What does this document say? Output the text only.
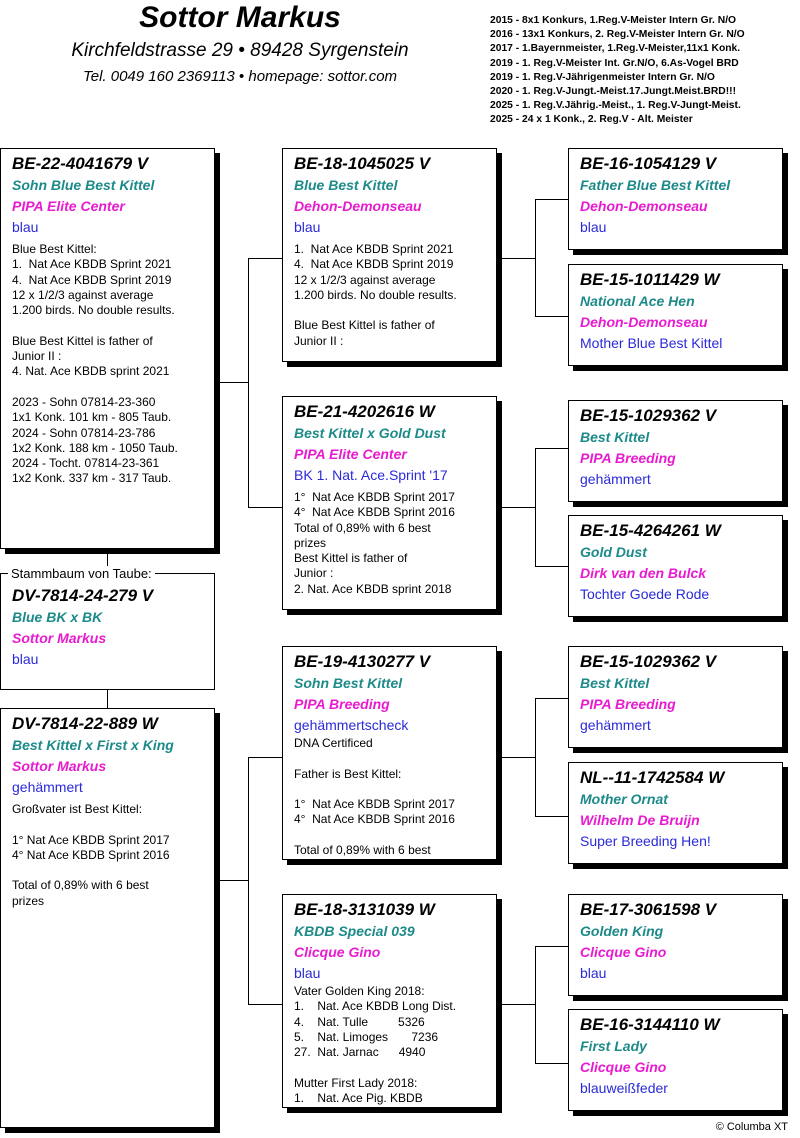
Sottor Markus
Kirchfeldstrasse 29 • 89428 Syrgenstein
Tel. 0049 160 2369113 • homepage: sottor.com
2015 - 8x1 Konkurs, 1.Reg.V-Meister Intern Gr. N/O
2016 - 13x1 Konkurs, 2. Reg.V-Meister Intern Gr. N/O
2017 - 1.Bayernmeister, 1.Reg.V-Meister,11x1 Konk.
2019 - 1. Reg.V-Meister Int. Gr.N/O, 6.As-Vogel BRD
2019 - 1. Reg.V-Jährigenmeister Intern Gr. N/O
2020 - 1. Reg.V-Jungt.-Meist.17.Jungt.Meist.BRD!!!
2025 - 1. Reg.V.Jährig.-Meist., 1. Reg.V-Jungt-Meist.
2025 - 24 x 1 Konk., 2. Reg.V - Alt. Meister
Stammbaum von Taube:
DV-7814-24-279 V
Blue BK x BK
Sottor Markus
blau
BE-22-4041679 V
Sohn Blue Best Kittel
PIPA Elite Center
blau
Blue Best Kittel:
1.  Nat Ace KBDB Sprint 2021
4.  Nat Ace KBDB Sprint 2019
12 x 1/2/3 against average
1.200 birds. No double results.

Blue Best Kittel is father of
Junior II :
4. Nat. Ace KBDB sprint 2021

2023 - Sohn 07814-23-360
1x1 Konk. 101 km - 805 Taub.
2024 - Sohn 07814-23-786
1x2 Konk. 188 km - 1050 Taub.
2024 - Tocht. 07814-23-361
1x2 Konk. 337 km - 317 Taub.
DV-7814-22-889 W
Best Kittel x First x King
Sottor Markus
gehämmert
Großvater ist Best Kittel:

1° Nat Ace KBDB Sprint 2017
4° Nat Ace KBDB Sprint 2016

Total of 0,89% with 6 best
prizes
BE-18-1045025 V
Blue Best Kittel
Dehon-Demonseau
blau
1.  Nat Ace KBDB Sprint 2021
4.  Nat Ace KBDB Sprint 2019
12 x 1/2/3 against average
1.200 birds. No double results.

Blue Best Kittel is father of
Junior II :
BE-21-4202616 W
Best Kittel x Gold Dust
PIPA Elite Center
BK 1. Nat. Ace.Sprint '17
1°  Nat Ace KBDB Sprint 2017
4°  Nat Ace KBDB Sprint 2016
Total of 0,89% with 6 best
prizes
Best Kittel is father of
Junior :
2. Nat. Ace KBDB sprint 2018
BE-19-4130277 V
Sohn Best Kittel
PIPA Breeding
gehämmertscheck
DNA Certificed

Father is Best Kittel:

1°  Nat Ace KBDB Sprint 2017
4°  Nat Ace KBDB Sprint 2016

Total of 0,89% with 6 best
BE-18-3131039 W
KBDB Special 039
Clicque Gino
blau
Vater Golden King 2018:
1.    Nat. Ace KBDB Long Dist.
4.    Nat. Tulle         5326
5.    Nat. Limoges       7236
27.  Nat. Jarnac      4940

Mutter First Lady 2018:
1.    Nat. Ace Pig. KBDB
BE-16-1054129 V
Father Blue Best Kittel
Dehon-Demonseau
blau
BE-15-1011429 W
National Ace Hen
Dehon-Demonseau
Mother Blue Best Kittel
BE-15-1029362 V
Best Kittel
PIPA Breeding
gehämmert
BE-15-4264261 W
Gold Dust
Dirk van den Bulck
Tochter Goede Rode
BE-15-1029362 V
Best Kittel
PIPA Breeding
gehämmert
NL--11-1742584 W
Mother Ornat
Wilhelm De Bruijn
Super Breeding Hen!
BE-17-3061598 V
Golden King
Clicque Gino
blau
BE-16-3144110 W
First Lady
Clicque Gino
blauweißfeder
© Columba XT
